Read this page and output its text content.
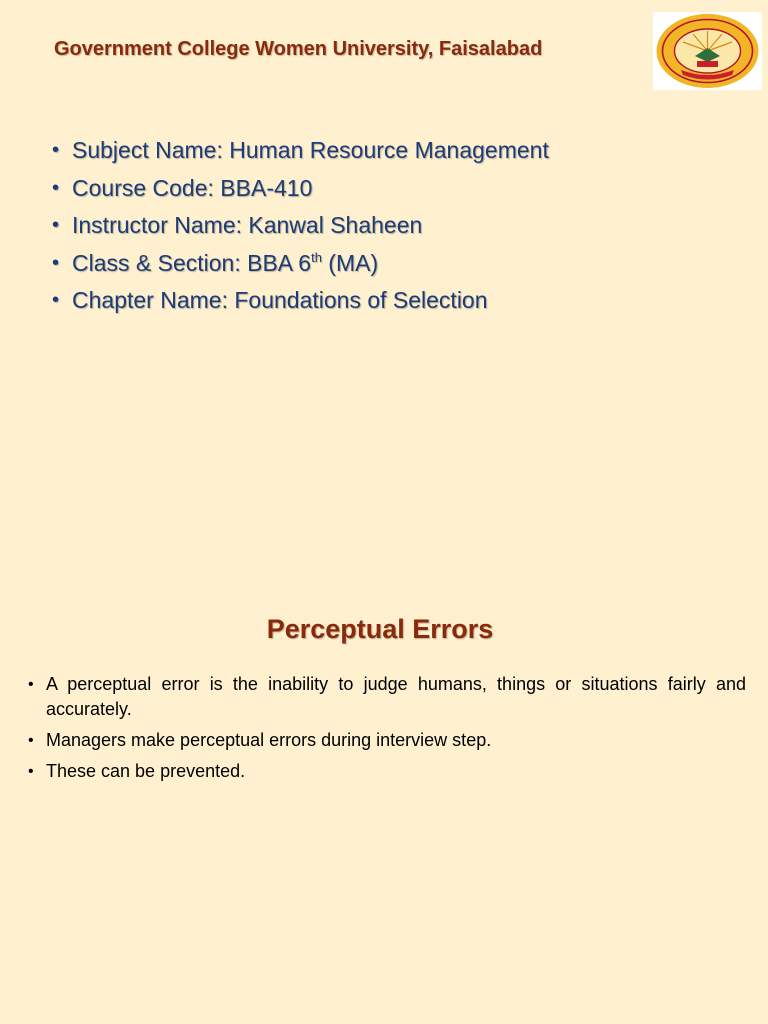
Government College Women University, Faisalabad
• Subject Name: Human Resource Management
• Course Code: BBA-410
• Instructor Name: Kanwal Shaheen
• Class & Section: BBA 6th (MA)
• Chapter Name: Foundations of Selection
Perceptual Errors
• A perceptual error is the inability to judge humans, things or situations fairly and accurately.
• Managers make perceptual errors during interview step.
• These can be prevented.
